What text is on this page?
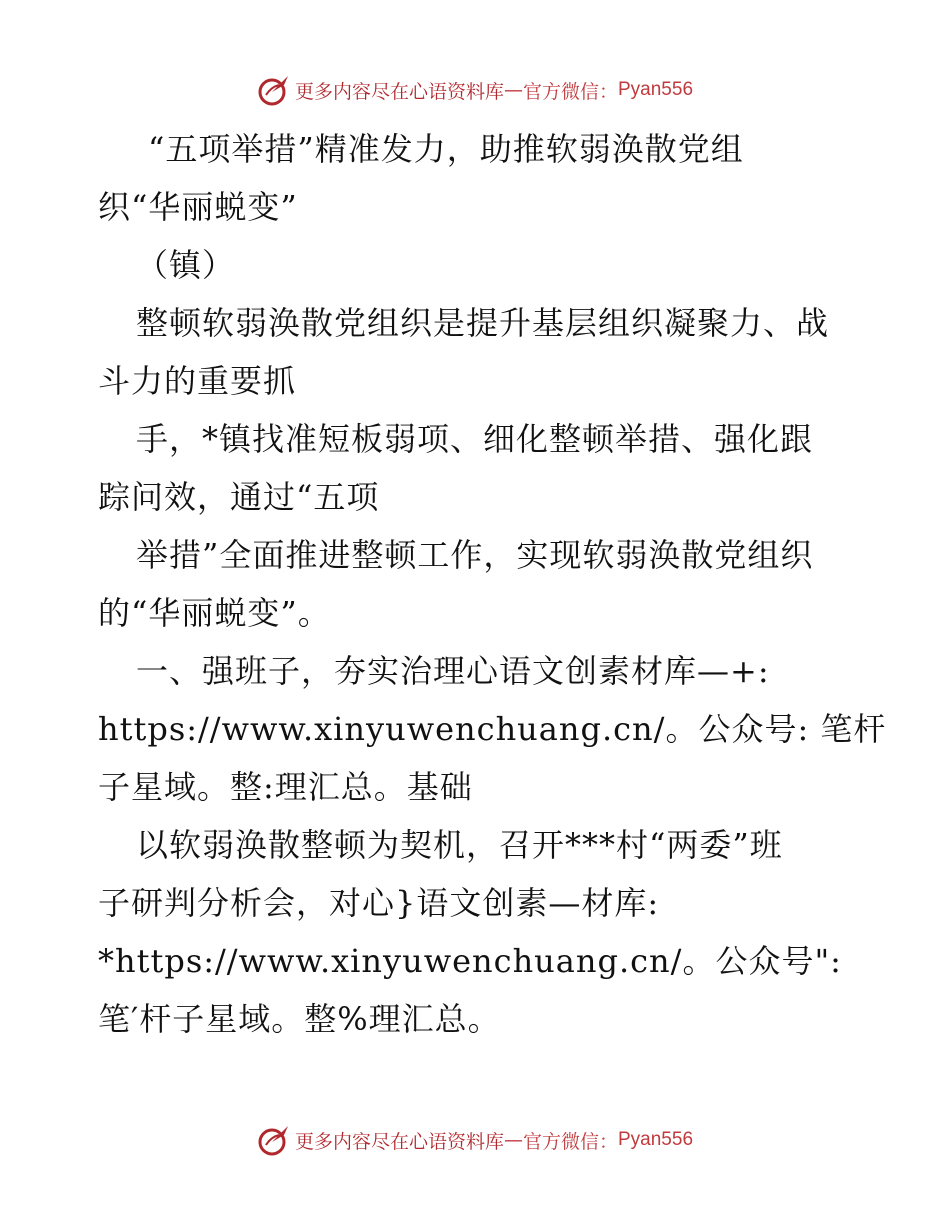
更多内容尽在心语资料库 — 官方微信： Pyan556
“五项举措”精准发力，助推软弱涣散党组
织“华丽蜕变”
（镇）
整顿软弱涣散党组织是提升基层组织凝聚力、战
斗力的重要抓
手，*镇找准短板弱项、细化整顿举措、强化跟
踪问效，通过“五项
举措”全面推进整顿工作，实现软弱涣散党组织
的“华丽蜕变”。
一、强班子，夯实治理心语文创素材库—+:
https://www.xinyuwenchuang.cn/。公众号: 笔杆
子星域。整:理汇总。基础
以软弱涣散整顿为契机，召开***村“两委”班
子研判分析会，对心}语文创素—材库:
*https://www.xinyuwenchuang.cn/。公众号":
笔′杆子星域。整%理汇总。
更多内容尽在心语资料库 — 官方微信： Pyan556
